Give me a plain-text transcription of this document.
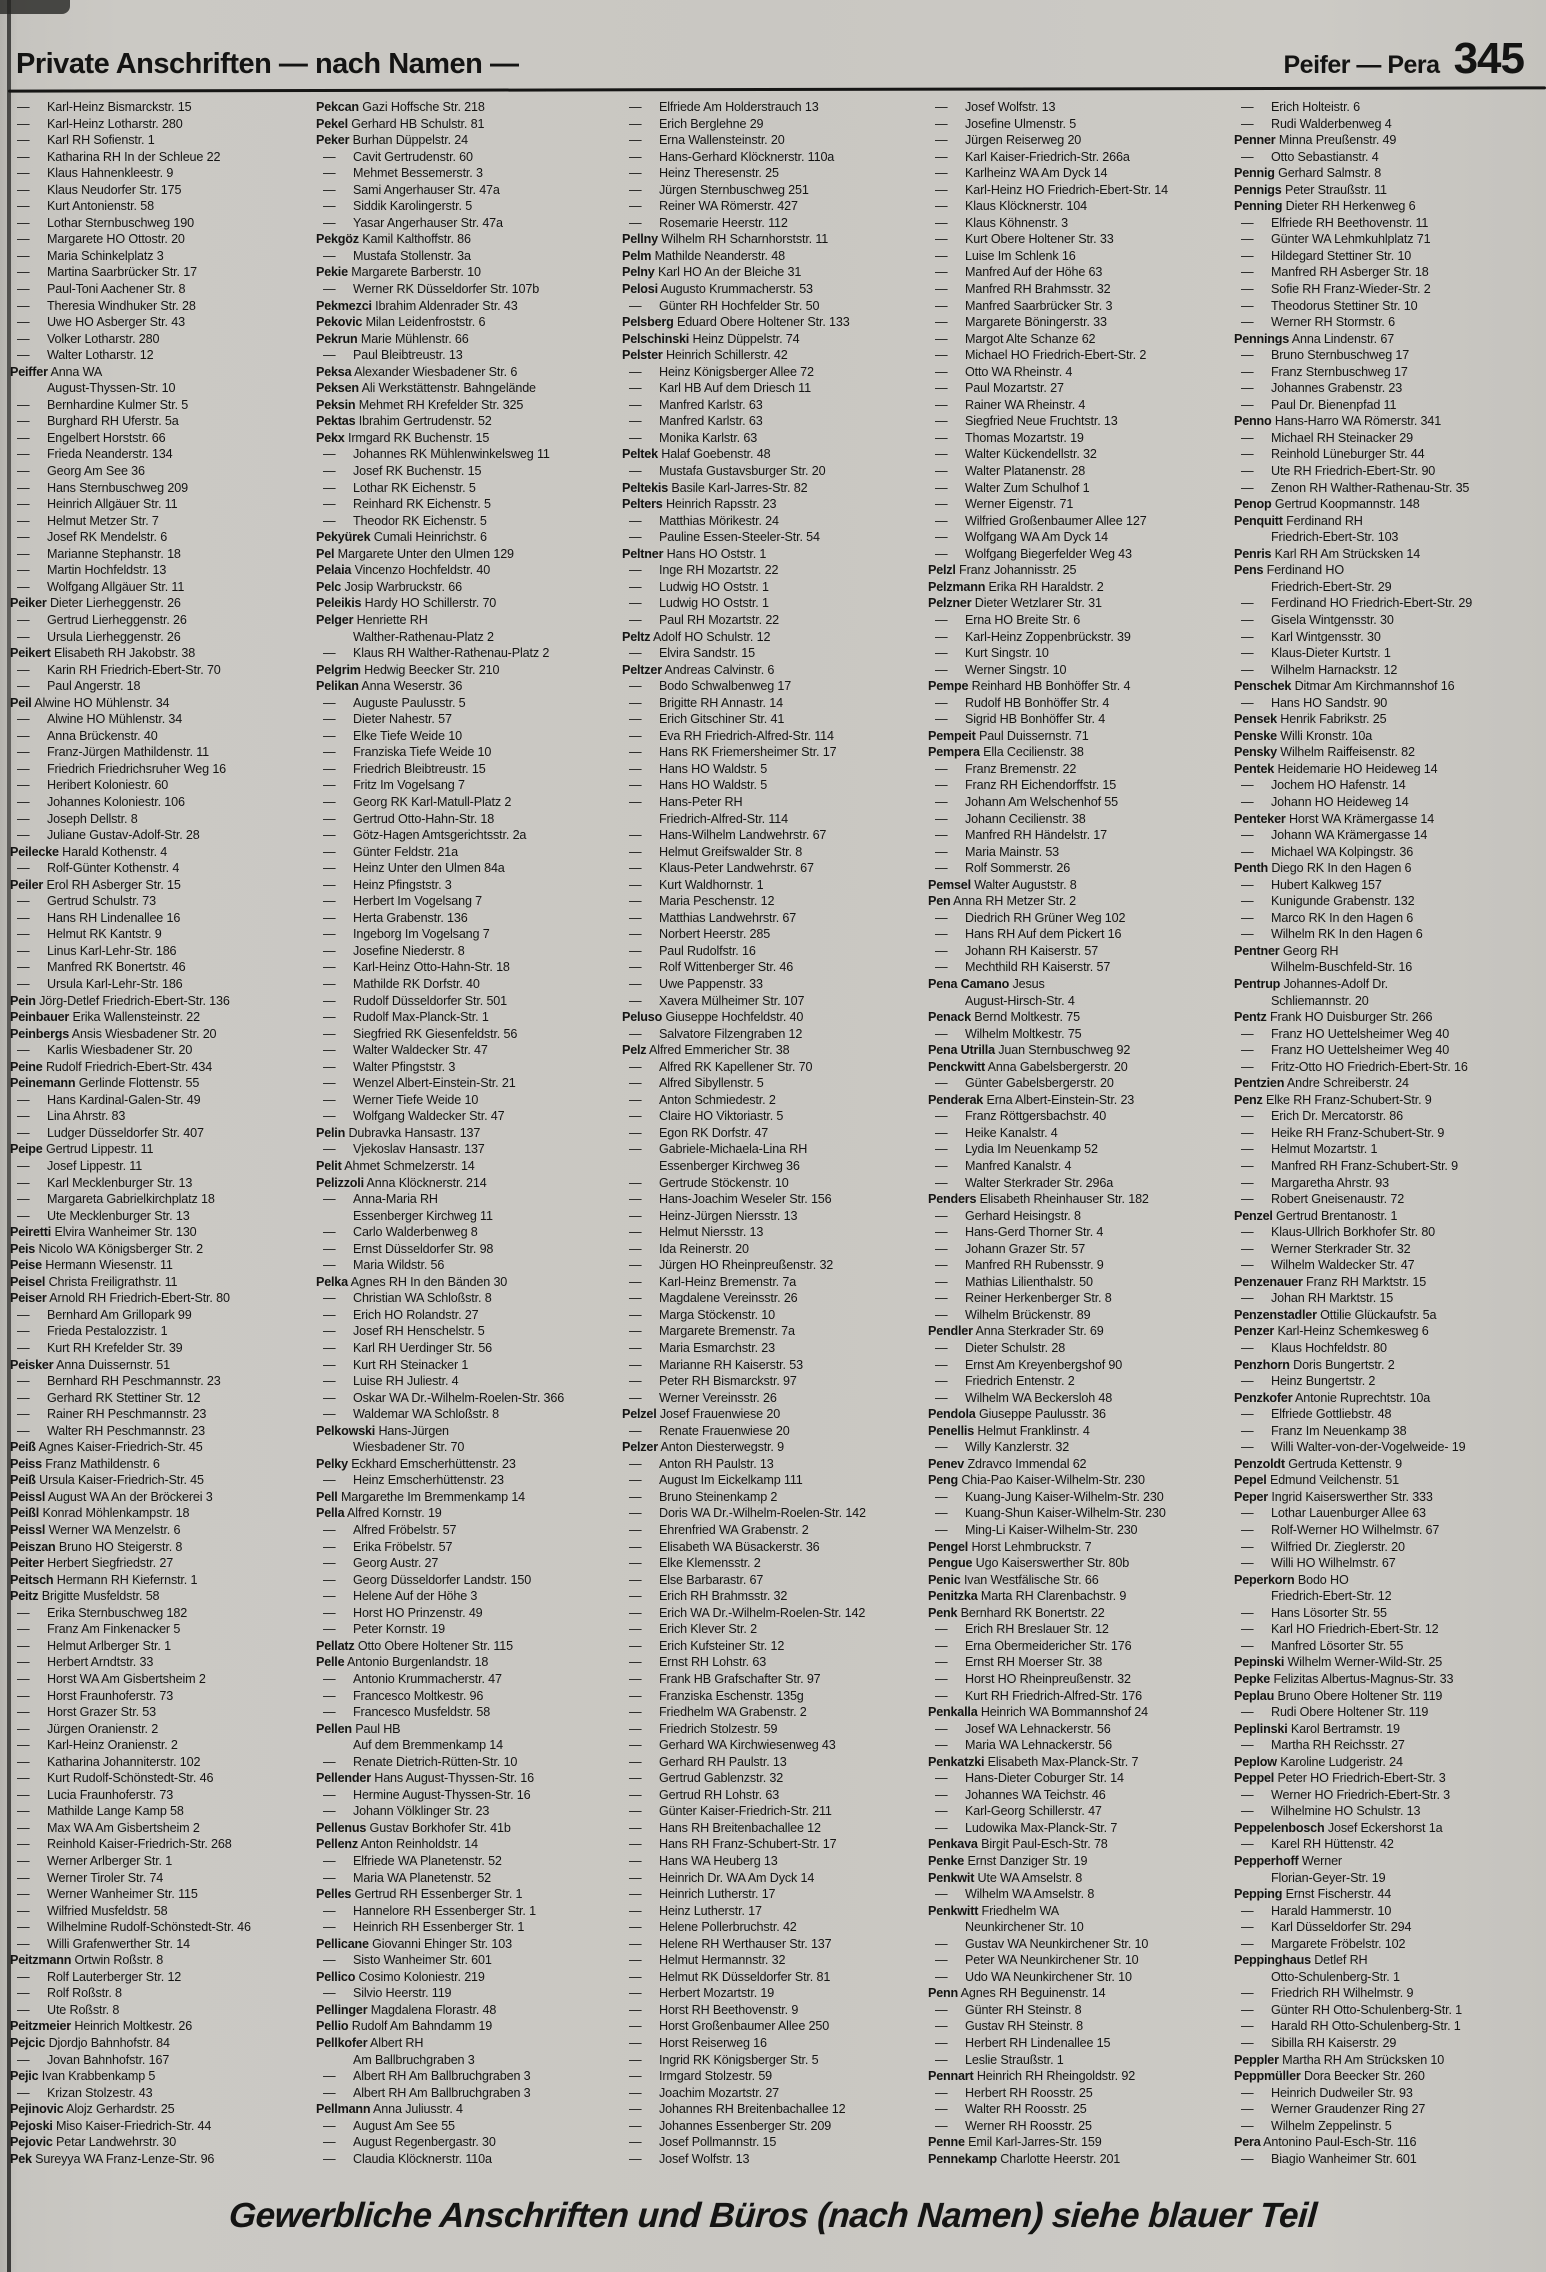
Private Anschriften — nach Namen —	Peifer — Pera 345
— Karl-Heinz Bismarckstr. 15
— Karl-Heinz Lotharstr. 280
— Karl RH Sofienstr. 1
— Katharina RH In der Schleue 22
— Klaus Hahnenkleestr. 9
— Klaus Neudorfer Str. 175
— Kurt Antonienstr. 58
— Lothar Sternbuschweg 190
— Margarete HO Ottostr. 20
— Maria Schinkelplatz 3
— Martina Saarbrücker Str. 17
— Paul-Toni Aachener Str. 8
— Theresia Windhuker Str. 28
— Uwe HO Asberger Str. 43
— Volker Lotharstr. 280
— Walter Lotharstr. 12
Peiffer Anna WA
August-Thyssen-Str. 10
— Bernhardine Kulmer Str. 5
— Burghard RH Uferstr. 5a
— Engelbert Horststr. 66
— Frieda Neanderstr. 134
— Georg Am See 36
— Hans Sternbuschweg 209
— Heinrich Allgäuer Str. 11
— Helmut Metzer Str. 7
— Josef RK Mendelstr. 6
— Marianne Stephanstr. 18
— Martin Hochfeldstr. 13
— Wolfgang Allgäuer Str. 11
Peiker Dieter Lierheggenstr. 26
— Gertrud Lierheggenstr. 26
— Ursula Lierheggenstr. 26
Peikert Elisabeth RH Jakobstr. 38
— Karin RH Friedrich-Ebert-Str. 70
— Paul Angerstr. 18
Peil Alwine HO Mühlenstr. 34
— Alwine HO Mühlenstr. 34
— Anna Brückenstr. 40
— Franz-Jürgen Mathildenstr. 11
— Friedrich Friedrichsruher Weg 16
— Heribert Koloniestr. 60
— Johannes Koloniestr. 106
— Joseph Dellstr. 8
— Juliane Gustav-Adolf-Str. 28
Peilecke Harald Kothenstr. 4
— Rolf-Günter Kothenstr. 4
Peiler Erol RH Asberger Str. 15
— Gertrud Schulstr. 73
— Hans RH Lindenallee 16
— Helmut RK Kantstr. 9
— Linus Karl-Lehr-Str. 186
— Manfred RK Bonertstr. 46
— Ursula Karl-Lehr-Str. 186
Pein Jörg-Detlef Friedrich-Ebert-Str. 136
Peinbauer Erika Wallensteinstr. 22
Peinbergs Ansis Wiesbadener Str. 20
— Karlis Wiesbadener Str. 20
Peine Rudolf Friedrich-Ebert-Str. 434
Peinemann Gerlinde Flottenstr. 55
— Hans Kardinal-Galen-Str. 49
— Lina Ahrstr. 83
— Ludger Düsseldorfer Str. 407
Peipe Gertrud Lippestr. 11
— Josef Lippestr. 11
— Karl Mecklenburger Str. 13
— Margareta Gabrielkirchplatz 18
— Ute Mecklenburger Str. 13
Peiretti Elvira Wanheimer Str. 130
Peis Nicolo WA Königsberger Str. 2
Peise Hermann Wiesenstr. 11
Peisel Christa Freiligrathstr. 11
Peiser Arnold RH Friedrich-Ebert-Str. 80
— Bernhard Am Grillopark 99
— Frieda Pestalozzistr. 1
— Kurt RH Krefelder Str. 39
Peisker Anna Duissernstr. 51
— Bernhard RH Peschmannstr. 23
— Gerhard RK Stettiner Str. 12
— Rainer RH Peschmannstr. 23
— Walter RH Peschmannstr. 23
Peiß Agnes Kaiser-Friedrich-Str. 45
Peiss Franz Mathildenstr. 6
Peiß Ursula Kaiser-Friedrich-Str. 45
Peissl August WA An der Bröckerei 3
Peißl Konrad Möhlenkampstr. 18
Peissl Werner WA Menzelstr. 6
Peiszan Bruno HO Steigerstr. 8
Peiter Herbert Siegfriedstr. 27
Peitsch Hermann RH Kiefernstr. 1
Peitz Brigitte Musfeldstr. 58
— Erika Sternbuschweg 182
— Franz Am Finkenacker 5
— Helmut Arlberger Str. 1
— Herbert Arndtstr. 33
— Horst WA Am Gisbertsheim 2
— Horst Fraunhoferstr. 73
— Horst Grazer Str. 53
— Jürgen Oranienstr. 2
— Karl-Heinz Oranienstr. 2
— Katharina Johanniterstr. 102
— Kurt Rudolf-Schönstedt-Str. 46
— Lucia Fraunhoferstr. 73
— Mathilde Lange Kamp 58
— Max WA Am Gisbertsheim 2
— Reinhold Kaiser-Friedrich-Str. 268
— Werner Arlberger Str. 1
— Werner Tiroler Str. 74
— Werner Wanheimer Str. 115
— Wilfried Musfeldstr. 58
— Wilhelmine Rudolf-Schönstedt-Str. 46
— Willi Grafenwerther Str. 14
Peitzmann Ortwin Roßstr. 8
— Rolf Lauterberger Str. 12
— Rolf Roßstr. 8
— Ute Roßstr. 8
Peitzmeier Heinrich Moltkestr. 26
Pejcic Djordjo Bahnhofstr. 84
— Jovan Bahnhofstr. 167
Pejic Ivan Krabbenkamp 5
— Krizan Stolzestr. 43
Pejinovic Alojz Gerhardstr. 25
Pejoski Miso Kaiser-Friedrich-Str. 44
Pejovic Petar Landwehrstr. 30
Pek Sureyya WA Franz-Lenze-Str. 96
Pekcan Gazi Hoffsche Str. 218
Pekel Gerhard HB Schulstr. 81
Peker Burhan Düppelstr. 24
— Cavit Gertrudenstr. 60
— Mehmet Bessemerstr. 3
— Sami Angerhauser Str. 47a
— Siddik Karolingerstr. 5
— Yasar Angerhauser Str. 47a
Pekgöz Kamil Kalthoffstr. 86
— Mustafa Stollenstr. 3a
Pekie Margarete Barberstr. 10
— Werner RK Düsseldorfer Str. 107b
Pekmezci Ibrahim Aldenrader Str. 43
Pekovic Milan Leidenfroststr. 6
Pekrun Marie Mühlenstr. 66
— Paul Bleibtreustr. 13
Peksa Alexander Wiesbadener Str. 6
Peksen Ali Werkstättenstr. Bahngelände
Peksin Mehmet RH Krefelder Str. 325
Pektas Ibrahim Gertrudenstr. 52
Pekx Irmgard RK Buchenstr. 15
— Johannes RK Mühlenwinkelsweg 11
— Josef RK Buchenstr. 15
— Lothar RK Eichenstr. 5
— Reinhard RK Eichenstr. 5
— Theodor RK Eichenstr. 5
Pekyürek Cumali Heinrichstr. 6
Pel Margarete Unter den Ulmen 129
Pelaia Vincenzo Hochfeldstr. 40
Pelc Josip Warbruckstr. 66
Peleikis Hardy HO Schillerstr. 70
Pelger Henriette RH
Walther-Rathenau-Platz 2
— Klaus RH Walther-Rathenau-Platz 2
Pelgrim Hedwig Beecker Str. 210
Pelikan Anna Weserstr. 36
— Auguste Paulusstr. 5
— Dieter Nahestr. 57
— Elke Tiefe Weide 10
— Franziska Tiefe Weide 10
— Friedrich Bleibtreustr. 15
— Fritz Im Vogelsang 7
— Georg RK Karl-Matull-Platz 2
— Gertrud Otto-Hahn-Str. 18
— Götz-Hagen Amtsgerichtsstr. 2a
— Günter Feldstr. 21a
— Heinz Unter den Ulmen 84a
— Heinz Pfingststr. 3
— Herbert Im Vogelsang 7
— Herta Grabenstr. 136
— Ingeborg Im Vogelsang 7
— Josefine Niederstr. 8
— Karl-Heinz Otto-Hahn-Str. 18
— Mathilde RK Dorfstr. 40
— Rudolf Düsseldorfer Str. 501
— Rudolf Max-Planck-Str. 1
— Siegfried RK Giesenfeldstr. 56
— Walter Waldecker Str. 47
— Walter Pfingststr. 3
— Wenzel Albert-Einstein-Str. 21
— Werner Tiefe Weide 10
— Wolfgang Waldecker Str. 47
Pelin Dubravka Hansastr. 137
— Vjekoslav Hansastr. 137
Pelit Ahmet Schmelzerstr. 14
Pelizzoli Anna Klöcknerstr. 214
— Anna-Maria RH
Essenberger Kirchweg 11
— Carlo Walderbenweg 8
— Ernst Düsseldorfer Str. 98
— Maria Wildstr. 56
Pelka Agnes RH In den Bänden 30
— Christian WA Schloßstr. 8
— Erich HO Rolandstr. 27
— Josef RH Henschelstr. 5
— Karl RH Uerdinger Str. 56
— Kurt RH Steinacker 1
— Luise RH Juliestr. 4
— Oskar WA Dr.-Wilhelm-Roelen-Str. 366
— Waldemar WA Schloßstr. 8
Pelkowski Hans-Jürgen
Wiesbadener Str. 70
Pelky Eckhard Emscherhüttenstr. 23
— Heinz Emscherhüttenstr. 23
Pell Margarethe Im Bremmenkamp 14
Pella Alfred Kornstr. 19
— Alfred Fröbelstr. 57
— Erika Fröbelstr. 57
— Georg Austr. 27
— Georg Düsseldorfer Landstr. 150
— Helene Auf der Höhe 3
— Horst HO Prinzenstr. 49
— Peter Kornstr. 19
Pellatz Otto Obere Holtener Str. 115
Pelle Antonio Burgenlandstr. 18
— Antonio Krummacherstr. 47
— Francesco Moltkestr. 96
— Francesco Musfeldstr. 58
Pellen Paul HB
Auf dem Bremmenkamp 14
— Renate Dietrich-Rütten-Str. 10
Pellender Hans August-Thyssen-Str. 16
— Hermine August-Thyssen-Str. 16
— Johann Völklinger Str. 23
Pellenus Gustav Borkhofer Str. 41b
Pellenz Anton Reinholdstr. 14
— Elfriede WA Planetenstr. 52
— Maria WA Planetenstr. 52
Pelles Gertrud RH Essenberger Str. 1
— Hannelore RH Essenberger Str. 1
— Heinrich RH Essenberger Str. 1
Pellicane Giovanni Ehinger Str. 103
— Sisto Wanheimer Str. 601
Pellico Cosimo Koloniestr. 219
— Silvio Heerstr. 119
Pellinger Magdalena Florastr. 48
Pellio Rudolf Am Bahndamm 19
Pellkofer Albert RH
Am Ballbruchgraben 3
— Albert RH Am Ballbruchgraben 3
— Albert RH Am Ballbruchgraben 3
Pellmann Anna Juliusstr. 4
— August Am See 55
— August Regenbergastr. 30
— Claudia Klöcknerstr. 110a
— Elfriede Am Holderstrauch 13
— Erich Berglehne 29
— Erna Wallensteinstr. 20
— Hans-Gerhard Klöcknerstr. 110a
— Heinz Theresenstr. 25
— Jürgen Sternbuschweg 251
— Reiner WA Römerstr. 427
— Rosemarie Heerstr. 112
Pellny Wilhelm RH Scharnhorststr. 11
Pelm Mathilde Neanderstr. 48
Pelny Karl HO An der Bleiche 31
Pelosi Augusto Krummacherstr. 53
— Günter RH Hochfelder Str. 50
Pelsberg Eduard Obere Holtener Str. 133
Pelschinski Heinz Düppelstr. 74
Pelster Heinrich Schillerstr. 42
— Heinz Königsberger Allee 72
— Karl HB Auf dem Driesch 11
— Manfred Karlstr. 63
— Manfred Karlstr. 63
— Monika Karlstr. 63
Peltek Halaf Goebenstr. 48
— Mustafa Gustavsburger Str. 20
Peltekis Basile Karl-Jarres-Str. 82
Pelters Heinrich Rapsstr. 23
— Matthias Mörikestr. 24
— Pauline Essen-Steeler-Str. 54
Peltner Hans HO Oststr. 1
— Inge RH Mozartstr. 22
— Ludwig HO Oststr. 1
— Ludwig HO Oststr. 1
— Paul RH Mozartstr. 22
Peltz Adolf HO Schulstr. 12
— Elvira Sandstr. 15
Peltzer Andreas Calvinstr. 6
— Bodo Schwalbenweg 17
— Brigitte RH Annastr. 14
— Erich Gitschiner Str. 41
— Eva RH Friedrich-Alfred-Str. 114
— Hans RK Friemersheimer Str. 17
— Hans HO Waldstr. 5
— Hans HO Waldstr. 5
— Hans-Peter RH
Friedrich-Alfred-Str. 114
— Hans-Wilhelm Landwehrstr. 67
— Helmut Greifswalder Str. 8
— Klaus-Peter Landwehrstr. 67
— Kurt Waldhornstr. 1
— Maria Peschenstr. 12
— Matthias Landwehrstr. 67
— Norbert Heerstr. 285
— Paul Rudolfstr. 16
— Rolf Wittenberger Str. 46
— Uwe Pappenstr. 33
— Xavera Mülheimer Str. 107
Peluso Giuseppe Hochfeldstr. 40
— Salvatore Filzengraben 12
Pelz Alfred Emmericher Str. 38
— Alfred RK Kapellener Str. 70
— Alfred Sibyllenstr. 5
— Anton Schmiedestr. 2
— Claire HO Viktoriastr. 5
— Egon RK Dorfstr. 47
— Gabriele-Michaela-Lina RH
Essenberger Kirchweg 36
— Gertrude Stöckenstr. 10
— Hans-Joachim Weseler Str. 156
— Heinz-Jürgen Niersstr. 13
— Helmut Niersstr. 13
— Ida Reinerstr. 20
— Jürgen HO Rheinpreußenstr. 32
— Karl-Heinz Bremenstr. 7a
— Magdalene Vereinsstr. 26
— Marga Stöckenstr. 10
— Margarete Bremenstr. 7a
— Maria Esmarchstr. 23
— Marianne RH Kaiserstr. 53
— Peter RH Bismarckstr. 97
— Werner Vereinsstr. 26
Pelzel Josef Frauenwiese 20
— Renate Frauenwiese 20
Pelzer Anton Diesterwegstr. 9
— Anton RH Paulstr. 13
— August Im Eickelkamp 111
— Bruno Steinenkamp 2
— Doris WA Dr.-Wilhelm-Roelen-Str. 142
— Ehrenfried WA Grabenstr. 2
— Elisabeth WA Büsackerstr. 36
— Elke Klemensstr. 2
— Else Barbarastr. 67
— Erich RH Brahmsstr. 32
— Erich WA Dr.-Wilhelm-Roelen-Str. 142
— Erich Klever Str. 2
— Erich Kufsteiner Str. 12
— Ernst RH Lohstr. 63
— Frank HB Grafschafter Str. 97
— Franziska Eschenstr. 135g
— Friedhelm WA Grabenstr. 2
— Friedrich Stolzestr. 59
— Gerhard WA Kirchwiesenweg 43
— Gerhard RH Paulstr. 13
— Gertrud Gablenzstr. 32
— Gertrud RH Lohstr. 63
— Günter Kaiser-Friedrich-Str. 211
— Hans RH Breitenbachallee 12
— Hans RH Franz-Schubert-Str. 17
— Hans WA Heuberg 13
— Heinrich Dr. WA Am Dyck 14
— Heinrich Lutherstr. 17
— Heinz Lutherstr. 17
— Helene Pollerbruchstr. 42
— Helene RH Werthauser Str. 137
— Helmut Hermannstr. 32
— Helmut RK Düsseldorfer Str. 81
— Herbert Mozartstr. 19
— Horst RH Beethovenstr. 9
— Horst Großenbaumer Allee 250
— Horst Reiserweg 16
— Ingrid RK Königsberger Str. 5
— Irmgard Stolzestr. 59
— Joachim Mozartstr. 27
— Johannes RH Breitenbachallee 12
— Johannes Essenberger Str. 209
— Josef Pollmannstr. 15
— Josef Wolfstr. 13
— Josef Wolfstr. 13
— Josefine Ulmenstr. 5
— Jürgen Reiserweg 20
— Karl Kaiser-Friedrich-Str. 266a
— Karlheinz WA Am Dyck 14
— Karl-Heinz HO Friedrich-Ebert-Str. 14
— Klaus Klöcknerstr. 104
— Klaus Köhnenstr. 3
— Kurt Obere Holtener Str. 33
— Luise Im Schlenk 16
— Manfred Auf der Höhe 63
— Manfred RH Brahmsstr. 32
— Manfred Saarbrücker Str. 3
— Margarete Böningerstr. 33
— Margot Alte Schanze 62
— Michael HO Friedrich-Ebert-Str. 2
— Otto WA Rheinstr. 4
— Paul Mozartstr. 27
— Rainer WA Rheinstr. 4
— Siegfried Neue Fruchtstr. 13
— Thomas Mozartstr. 19
— Walter Kückendellstr. 32
— Walter Platanenstr. 28
— Walter Zum Schulhof 1
— Werner Eigenstr. 71
— Wilfried Großenbaumer Allee 127
— Wolfgang WA Am Dyck 14
— Wolfgang Biegerfelder Weg 43
Pelzl Franz Johannisstr. 25
Pelzmann Erika RH Haraldstr. 2
Pelzner Dieter Wetzlarer Str. 31
— Erna HO Breite Str. 6
— Karl-Heinz Zoppenbrückstr. 39
— Kurt Singstr. 10
— Werner Singstr. 10
Pempe Reinhard HB Bonhöffer Str. 4
— Rudolf HB Bonhöffer Str. 4
— Sigrid HB Bonhöffer Str. 4
Pempeit Paul Duissernstr. 71
Pempera Ella Cecilienstr. 38
— Franz Bremenstr. 22
— Franz RH Eichendorffstr. 15
— Johann Am Welschenhof 55
— Johann Cecilienstr. 38
— Manfred RH Händelstr. 17
— Maria Mainstr. 53
— Rolf Sommerstr. 26
Pemsel Walter Auguststr. 8
Pen Anna RH Metzer Str. 2
— Diedrich RH Grüner Weg 102
— Hans RH Auf dem Pickert 16
— Johann RH Kaiserstr. 57
— Mechthild RH Kaiserstr. 57
Pena Camano Jesus
August-Hirsch-Str. 4
Penack Bernd Moltkestr. 75
— Wilhelm Moltkestr. 75
Pena Utrilla Juan Sternbuschweg 92
Penckwitt Anna Gabelsbergerstr. 20
— Günter Gabelsbergerstr. 20
Penderak Erna Albert-Einstein-Str. 23
— Franz Röttgersbachstr. 40
— Heike Kanalstr. 4
— Lydia Im Neuenkamp 52
— Manfred Kanalstr. 4
— Walter Sterkrader Str. 296a
Penders Elisabeth Rheinhauser Str. 182
— Gerhard Heisingstr. 8
— Hans-Gerd Thorner Str. 4
— Johann Grazer Str. 57
— Manfred RH Rubensstr. 9
— Mathias Lilienthalstr. 50
— Reiner Herkenberger Str. 8
— Wilhelm Brückenstr. 89
Pendler Anna Sterkrader Str. 69
— Dieter Schulstr. 28
— Ernst Am Kreyenbergshof 90
— Friedrich Entenstr. 2
— Wilhelm WA Beckersloh 48
Pendola Giuseppe Paulusstr. 36
Penellis Helmut Franklinstr. 4
— Willy Kanzlerstr. 32
Penev Zdravco Immendal 62
Peng Chia-Pao Kaiser-Wilhelm-Str. 230
— Kuang-Jung Kaiser-Wilhelm-Str. 230
— Kuang-Shun Kaiser-Wilhelm-Str. 230
— Ming-Li Kaiser-Wilhelm-Str. 230
Pengel Horst Lehmbruckstr. 7
Pengue Ugo Kaiserswerther Str. 80b
Penic Ivan Westfälische Str. 66
Penitzka Marta RH Clarenbachstr. 9
Penk Bernhard RK Bonertstr. 22
— Erich RH Breslauer Str. 12
— Erna Obermeidericher Str. 176
— Ernst RH Moerser Str. 38
— Horst HO Rheinpreußenstr. 32
— Kurt RH Friedrich-Alfred-Str. 176
Penkalla Heinrich WA Bommannshof 24
— Josef WA Lehnackerstr. 56
— Maria WA Lehnackerstr. 56
Penkatzki Elisabeth Max-Planck-Str. 7
— Hans-Dieter Coburger Str. 14
— Johannes WA Teichstr. 46
— Karl-Georg Schillerstr. 47
— Ludowika Max-Planck-Str. 7
Penkava Birgit Paul-Esch-Str. 78
Penke Ernst Danziger Str. 19
Penkwit Ute WA Amselstr. 8
— Wilhelm WA Amselstr. 8
Penkwitt Friedhelm WA
Neunkirchener Str. 10
— Gustav WA Neunkirchener Str. 10
— Peter WA Neunkirchener Str. 10
— Udo WA Neunkirchener Str. 10
Penn Agnes RH Beguinenstr. 14
— Günter RH Steinstr. 8
— Gustav RH Steinstr. 8
— Herbert RH Lindenallee 15
— Leslie Straußstr. 1
Pennart Heinrich RH Rheingoldstr. 92
— Herbert RH Roosstr. 25
— Walter RH Roosstr. 25
— Werner RH Roosstr. 25
Penne Emil Karl-Jarres-Str. 159
Pennekamp Charlotte Heerstr. 201
— Erich Holteistr. 6
— Rudi Walderbenweg 4
Penner Minna Preußenstr. 49
— Otto Sebastianstr. 4
Pennig Gerhard Salmstr. 8
Pennigs Peter Straußstr. 11
Penning Dieter RH Herkenweg 6
— Elfriede RH Beethovenstr. 11
— Günter WA Lehmkuhlplatz 71
— Hildegard Stettiner Str. 10
— Manfred RH Asberger Str. 18
— Sofie RH Franz-Wieder-Str. 2
— Theodorus Stettiner Str. 10
— Werner RH Stormstr. 6
Pennings Anna Lindenstr. 67
— Bruno Sternbuschweg 17
— Franz Sternbuschweg 17
— Johannes Grabenstr. 23
— Paul Dr. Bienenpfad 11
Penno Hans-Harro WA Römerstr. 341
— Michael RH Steinacker 29
— Reinhold Lüneburger Str. 44
— Ute RH Friedrich-Ebert-Str. 90
— Zenon RH Walther-Rathenau-Str. 35
Penop Gertrud Koopmannstr. 148
Penquitt Ferdinand RH
Friedrich-Ebert-Str. 103
Penris Karl RH Am Strücksken 14
Pens Ferdinand HO
Friedrich-Ebert-Str. 29
— Ferdinand HO Friedrich-Ebert-Str. 29
— Gisela Wintgensstr. 30
— Karl Wintgensstr. 30
— Klaus-Dieter Kurtstr. 1
— Wilhelm Harnackstr. 12
Penschek Ditmar Am Kirchmannshof 16
— Hans HO Sandstr. 90
Pensek Henrik Fabrikstr. 25
Penske Willi Kronstr. 10a
Pensky Wilhelm Raiffeisenstr. 82
Pentek Heidemarie HO Heideweg 14
— Jochem HO Hafenstr. 14
— Johann HO Heideweg 14
Penteker Horst WA Krämergasse 14
— Johann WA Krämergasse 14
— Michael WA Kolpingstr. 36
Penth Diego RK In den Hagen 6
— Hubert Kalkweg 157
— Kunigunde Grabenstr. 132
— Marco RK In den Hagen 6
— Wilhelm RK In den Hagen 6
Pentner Georg RH
Wilhelm-Buschfeld-Str. 16
Pentrup Johannes-Adolf Dr.
Schliemannstr. 20
Pentz Frank HO Duisburger Str. 266
— Franz HO Uettelsheimer Weg 40
— Franz HO Uettelsheimer Weg 40
— Fritz-Otto HO Friedrich-Ebert-Str. 16
Pentzien Andre Schreiberstr. 24
Penz Elke RH Franz-Schubert-Str. 9
— Erich Dr. Mercatorstr. 86
— Heike RH Franz-Schubert-Str. 9
— Helmut Mozartstr. 1
— Manfred RH Franz-Schubert-Str. 9
— Margaretha Ahrstr. 93
— Robert Gneisenaustr. 72
Penzel Gertrud Brentanostr. 1
— Klaus-Ullrich Borkhofer Str. 80
— Werner Sterkrader Str. 32
— Wilhelm Waldecker Str. 47
Penzenauer Franz RH Marktstr. 15
— Johan RH Marktstr. 15
Penzenstadler Ottilie Glückaufstr. 5a
Penzer Karl-Heinz Schemkesweg 6
— Klaus Hochfeldstr. 80
Penzhorn Doris Bungertstr. 2
— Heinz Bungertstr. 2
Penzkofer Antonie Ruprechtstr. 10a
— Elfriede Gottliebstr. 48
— Franz Im Neuenkamp 38
— Willi Walter-von-der-Vogelweide- 19
Penzoldt Gertruda Kettenstr. 9
Pepel Edmund Veilchenstr. 51
Peper Ingrid Kaiserswerther Str. 333
— Lothar Lauenburger Allee 63
— Rolf-Werner HO Wilhelmstr. 67
— Wilfried Dr. Zieglerstr. 20
— Willi HO Wilhelmstr. 67
Peperkorn Bodo HO
Friedrich-Ebert-Str. 12
— Hans Lösorter Str. 55
— Karl HO Friedrich-Ebert-Str. 12
— Manfred Lösorter Str. 55
Pepinski Wilhelm Werner-Wild-Str. 25
Pepke Felizitas Albertus-Magnus-Str. 33
Peplau Bruno Obere Holtener Str. 119
— Rudi Obere Holtener Str. 119
Peplinski Karol Bertramstr. 19
— Martha RH Reichsstr. 27
Peplow Karoline Ludgeristr. 24
Peppel Peter HO Friedrich-Ebert-Str. 3
— Werner HO Friedrich-Ebert-Str. 3
— Wilhelmine HO Schulstr. 13
Peppelenbosch Josef Eckershorst 1a
— Karel RH Hüttenstr. 42
Pepperhoff Werner
Florian-Geyer-Str. 19
Pepping Ernst Fischerstr. 44
— Harald Hammerstr. 10
— Karl Düsseldorfer Str. 294
— Margarete Fröbelstr. 102
Peppinghaus Detlef RH
Otto-Schulenberg-Str. 1
— Friedrich RH Wilhelmstr. 9
— Günter RH Otto-Schulenberg-Str. 1
— Harald RH Otto-Schulenberg-Str. 1
— Sibilla RH Kaiserstr. 29
Peppler Martha RH Am Strücksken 10
Peppmüller Dora Beecker Str. 260
— Heinrich Dudweiler Str. 93
— Werner Graudenzer Ring 27
— Wilhelm Zeppelinstr. 5
Pera Antonino Paul-Esch-Str. 116
— Biagio Wanheimer Str. 601
Gewerbliche Anschriften und Büros (nach Namen) siehe blauer Teil
